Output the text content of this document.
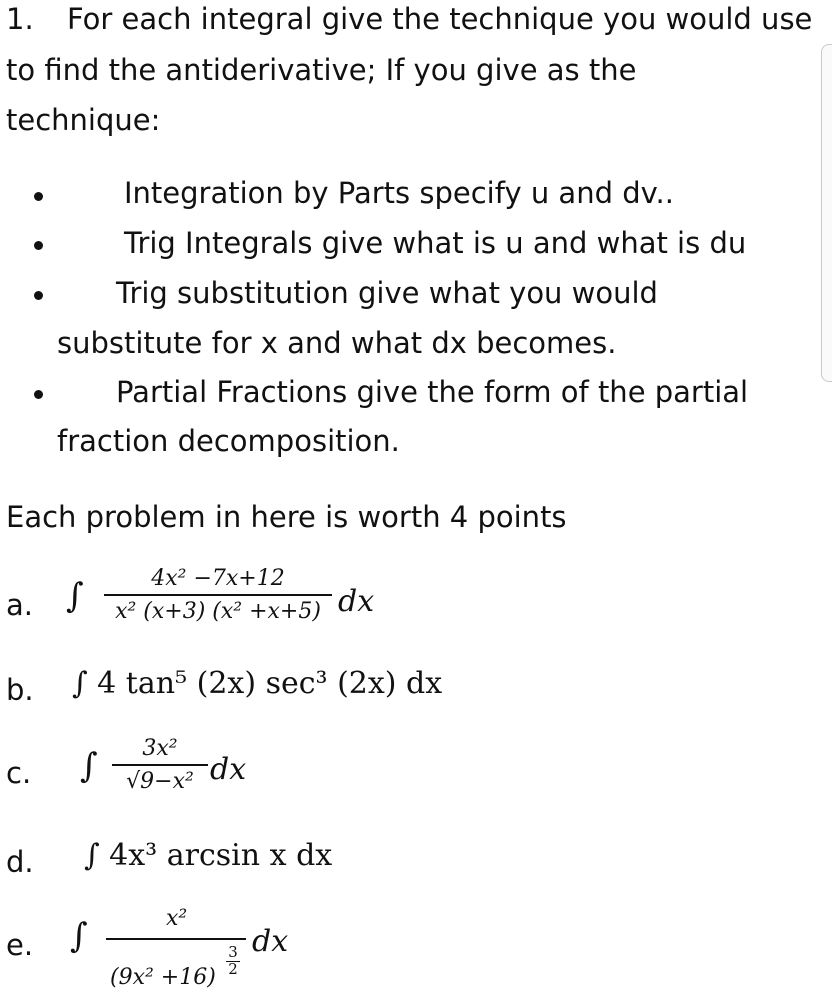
1. For each integral give the technique you would use
to find the antiderivative; If you give as the
technique:
Integration by Parts specify u and dv..
Trig Integrals give what is u and what is du
Trig substitution give what you would
substitute for x and what dx becomes.
Partial Fractions give the form of the partial
fraction decomposition.
Each problem in here is worth 4 points
a. ∫	4x² −7x+12
x² (x+3) (x² +x+5) dx
b. ∫ 4 tan⁵ (2x) sec³ (2x) dx
c. ∫	3x²
√9−x² dx
d. ∫ 4x³ arcsin x dx
e. ∫	x²
(9x² +16)
3
2
dx
